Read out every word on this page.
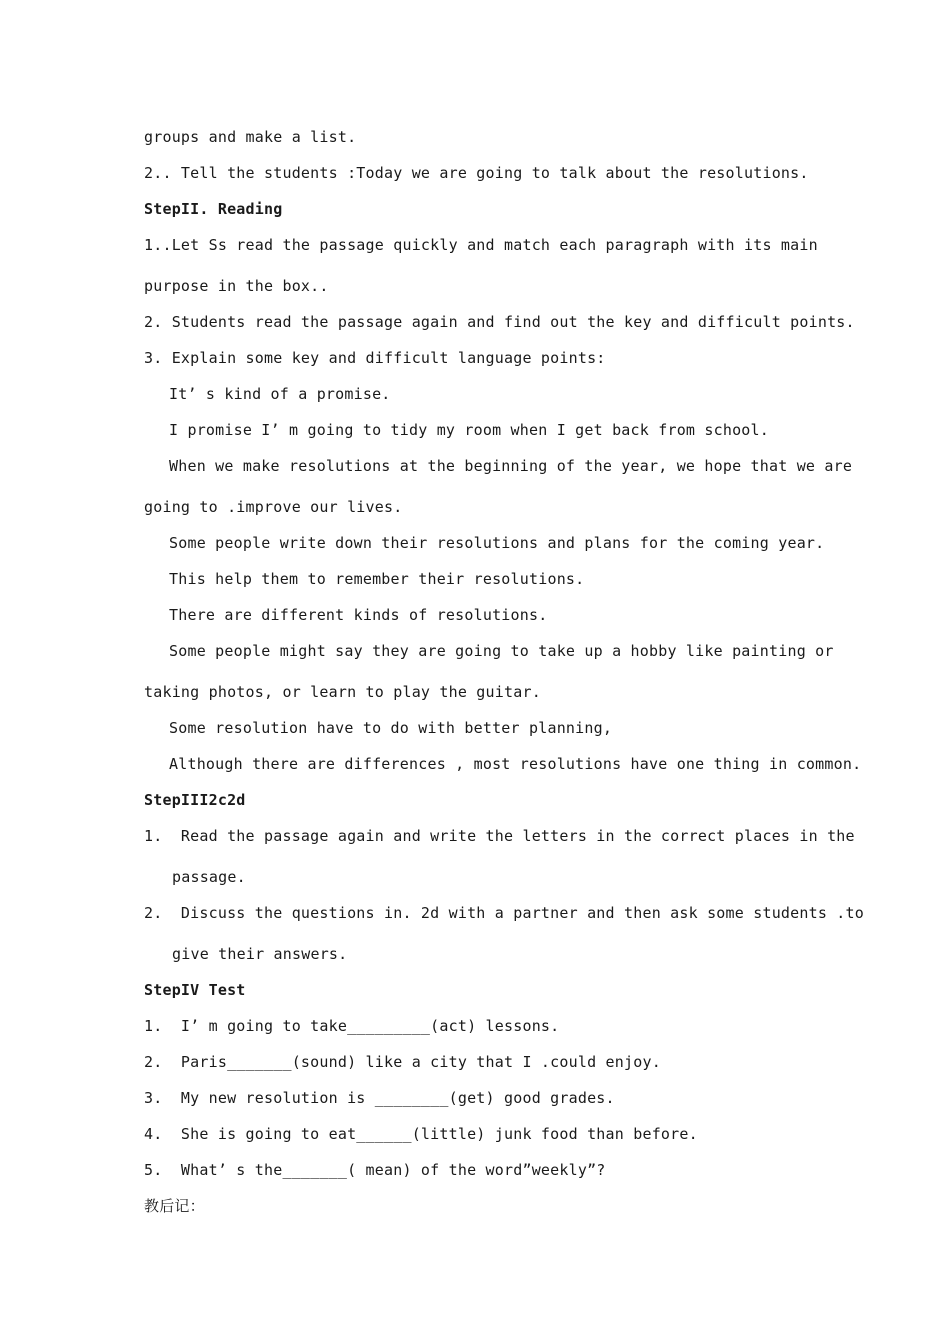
groups and make a list.
2.. Tell the students :Today we are going to talk about the resolutions.
StepII. Reading
1..Let Ss read the passage quickly and match each paragraph with its main
purpose in the box..
2. Students read the passage again and find out the key and difficult points.
3. Explain some key and difficult language points:
It’ s kind of a promise.
I promise I’ m going to tidy my room when I get back from school.
When we make resolutions at the beginning of the year, we hope that we are
going to .improve our lives.
Some people write down their resolutions and plans for the coming year.
This help them to remember their resolutions.
There are different kinds of resolutions.
Some people might say they are going to take up a hobby like painting or
taking photos, or learn to play the guitar.
Some resolution have to do with better planning,
Although there are differences , most resolutions have one thing in common.
StepIII2c2d
1.  Read the passage again and write the letters in the correct places in the
passage.
2.  Discuss the questions in. 2d with a partner and then ask some students .to
give their answers.
StepIV Test
1.  I’ m going to take_________(act) lessons.
2.  Paris_______(sound) like a city that I .could enjoy.
3.  My new resolution is ________(get) good grades.
4.  She is going to eat______(little) junk food than before.
5.  What’ s the_______( mean) of the word”weekly”?
教后记：
